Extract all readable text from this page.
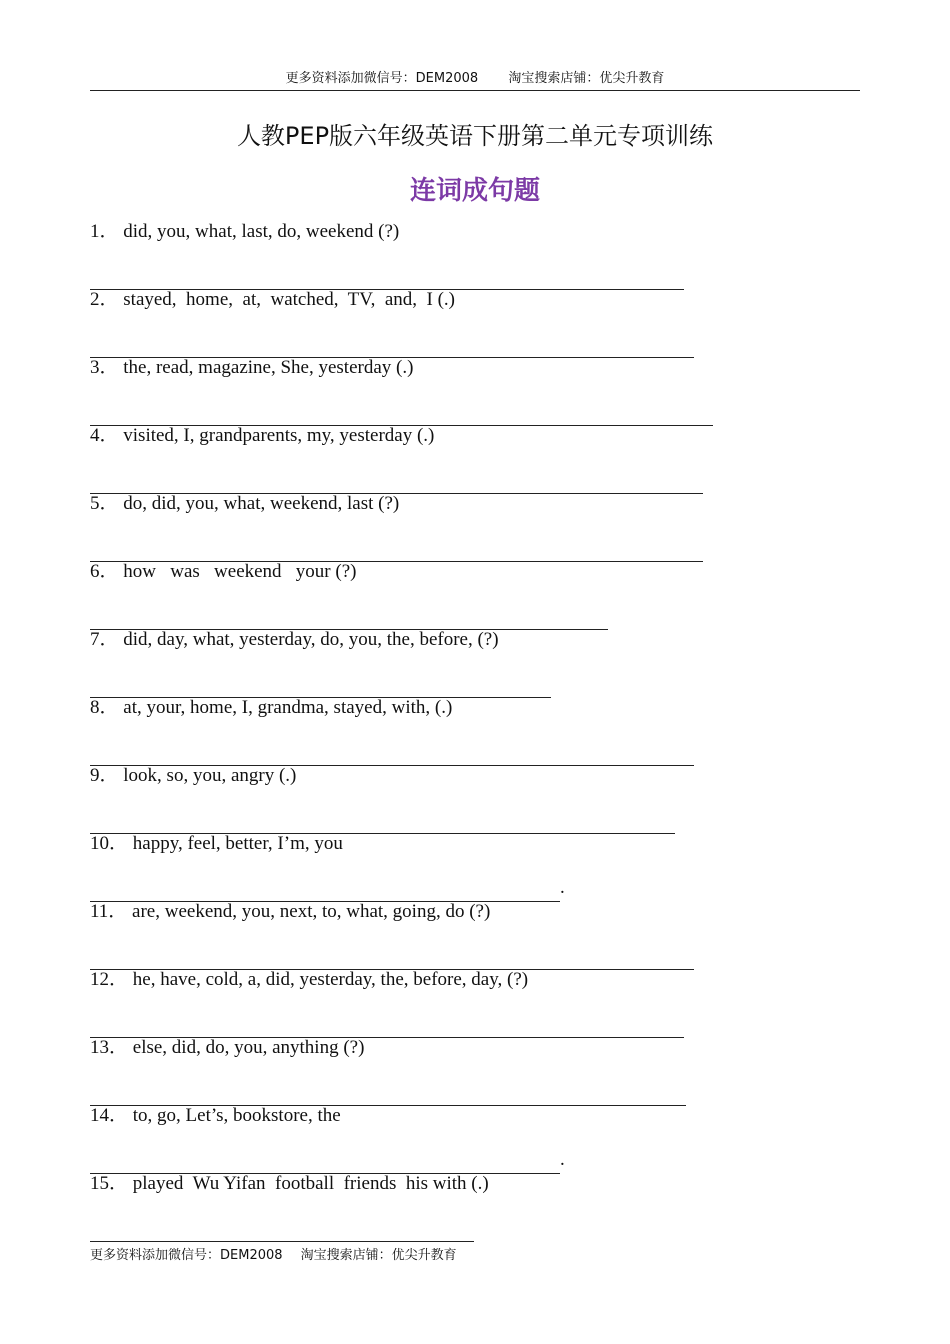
更多资料添加微信号：DEM2008 淘宝搜索店铺：优尖升教育
人教PEP版六年级英语下册第二单元专项训练
连词成句题
1． did, you, what, last, do, weekend (?)
2． stayed,  home,  at,  watched,  TV,  and,  I (.)
3． the, read, magazine, She, yesterday (.)
4． visited, I, grandparents, my, yesterday (.)
5． do, did, you, what, weekend, last (?)
6． how   was   weekend   your (?)
7． did, day, what, yesterday, do, you, the, before, (?)
8． at, your, home, I, grandma, stayed, with, (.)
9． look, so, you, angry (.)
10． happy, feel, better, I’m, you
.
11． are, weekend, you, next, to, what, going, do (?)
12． he, have, cold, a, did, yesterday, the, before, day, (?)
13． else, did, do, you, anything (?)
14． to, go, Let’s, bookstore, the
.
15． played  Wu Yifan  football  friends  his with (.)
更多资料添加微信号：DEM2008 淘宝搜索店铺：优尖升教育
